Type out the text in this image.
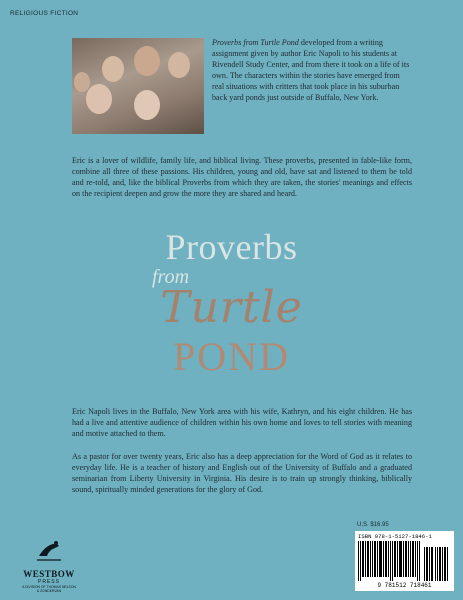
RELIGIOUS FICTION
Proverbs from Turtle Pond developed from a writing assignment given by author Eric Napoli to his students at Rivendell Study Center, and from there it took on a life of its own. The characters within the stories have emerged from real situations with critters that took place in his suburban back yard ponds just outside of Buffalo, New York.
Eric is a lover of wildlife, family life, and biblical living. These proverbs, presented in fable-like form, combine all three of these passions. His children, young and old, have sat and listened to them be told and re-told, and, like the biblical Proverbs from which they are taken, the stories' meanings and effects on the recipient deepen and grow the more they are shared and heard.
Proverbs
from
Turtle
POND
Eric Napoli lives in the Buffalo, New York area with his wife, Kathryn, and his eight children. He has had a live and attentive audience of children within his own home and loves to tell stories with meaning and motive attached to them.
As a pastor for over twenty years, Eric also has a deep appreciation for the Word of God as it relates to everyday life. He is a teacher of history and English out of the University of Buffalo and a graduated seminarian from Liberty University in Virginia. His desire is to train up strongly thinking, biblically sound, spiritually minded generations for the glory of God.
U.S. $16.95
ISBN 978-1-5127-1846-1
9 781512 718461
WESTBOW
PRESS
A DIVISION OF THOMAS NELSON
& ZONDERVAN
